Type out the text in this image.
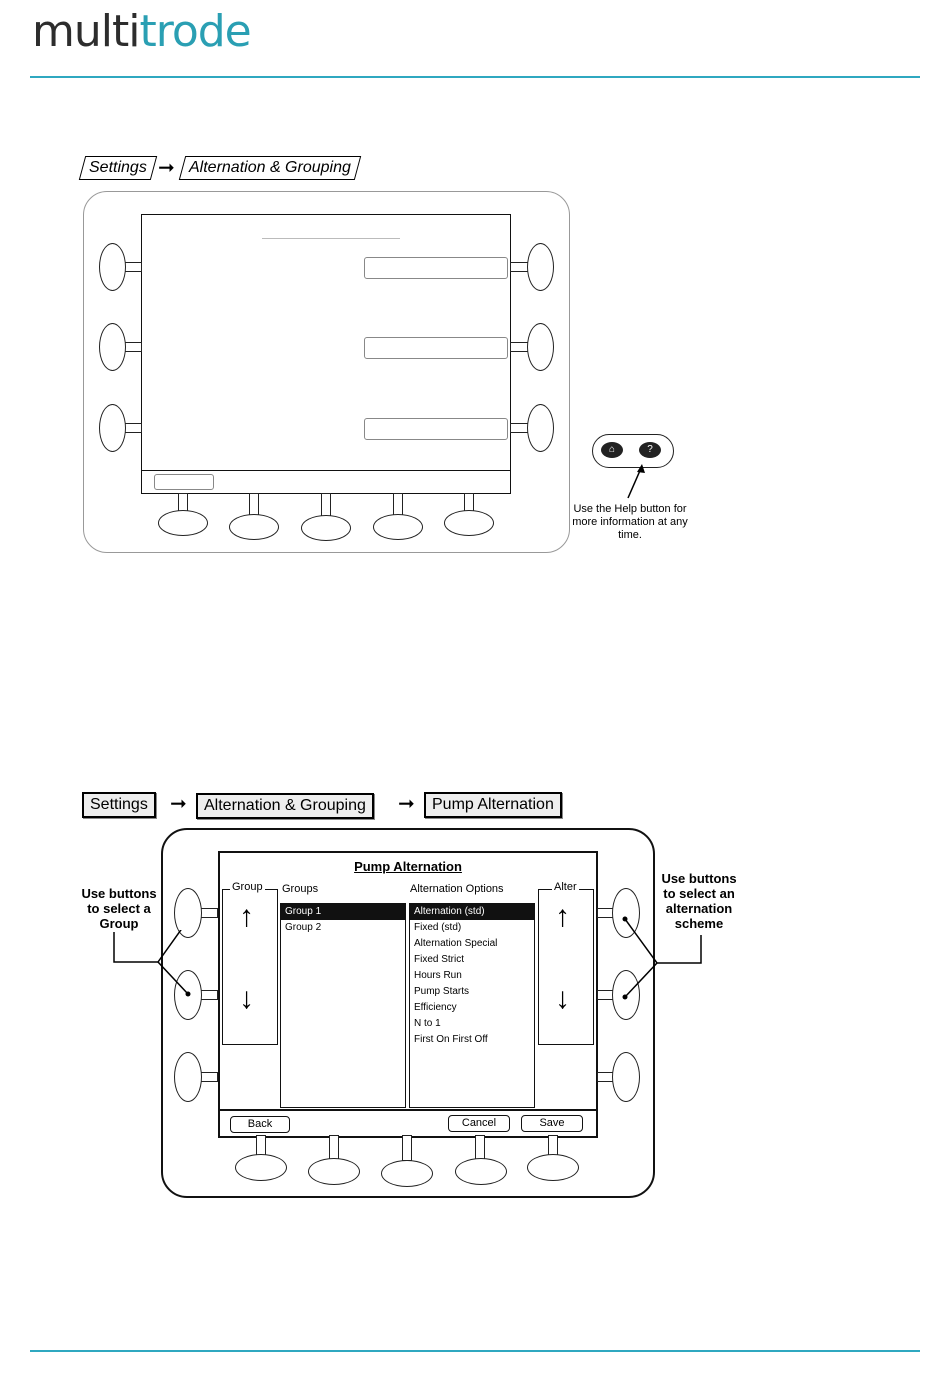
multitrode
Settings ➞ Alternation & Grouping
⌂	?
Use the Help button for more information at any time.
Settings	➞	Alternation & Grouping	➞	Pump Alternation
Pump Alternation
↑
↓
Group Groups
Group 1
Group 2
Alternation Options
Alternation (std)
Fixed (std)
Alternation Special
Fixed Strict
Hours Run
Pump Starts
Efficiency
N to 1
First On First Off
↑
↓
Alter
Back	Cancel	Save
Use buttons to select a Group
Use buttons to select an alternation scheme
